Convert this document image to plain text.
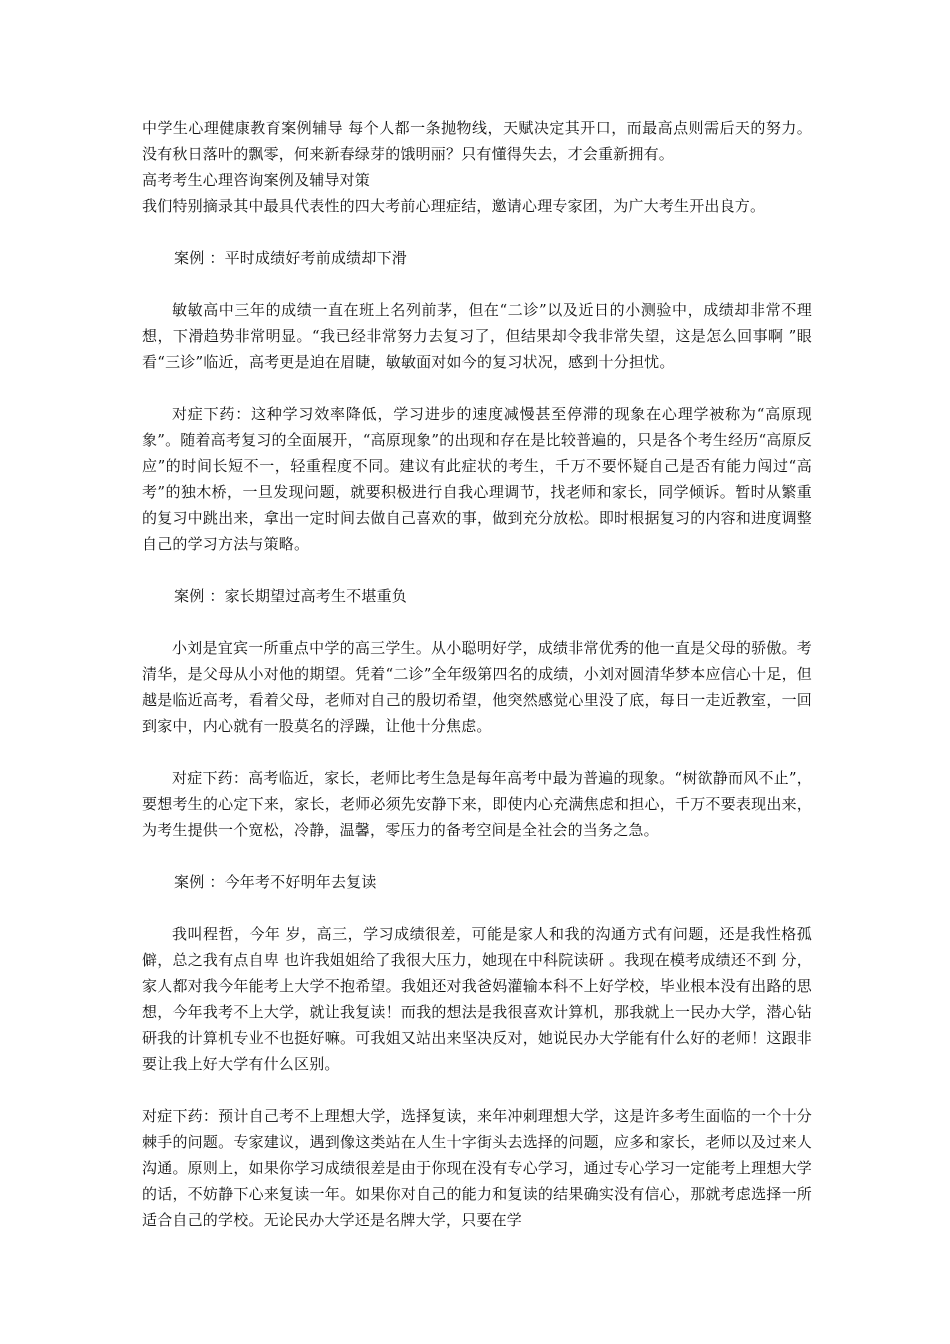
中学生心理健康教育案例辅导 每个人都一条抛物线，天赋决定其开口，而最高点则需后天的努力。没有秋日落叶的飘零，何来新春绿芽的饿明丽？只有懂得失去，才会重新拥有。

高考考生心理咨询案例及辅导对策

我们特别摘录其中最具代表性的四大考前心理症结，邀请心理专家团，为广大考生开出良方。

案例 ：平时成绩好考前成绩却下滑

敏敏高中三年的成绩一直在班上名列前茅，但在“二诊”以及近日的小测验中，成绩却非常不理想，下滑趋势非常明显。“我已经非常努力去复习了，但结果却令我非常失望，这是怎么回事啊 ”眼看“三诊”临近，高考更是迫在眉睫，敏敏面对如今的复习状况，感到十分担忧。

对症下药：这种学习效率降低，学习进步的速度减慢甚至停滞的现象在心理学被称为“高原现象”。随着高考复习的全面展开，“高原现象”的出现和存在是比较普遍的，只是各个考生经历“高原反应”的时间长短不一，轻重程度不同。建议有此症状的考生，千万不要怀疑自己是否有能力闯过“高考”的独木桥，一旦发现问题，就要积极进行自我心理调节，找老师和家长，同学倾诉。暂时从繁重的复习中跳出来，拿出一定时间去做自己喜欢的事，做到充分放松。即时根据复习的内容和进度调整自己的学习方法与策略。

案例 ：家长期望过高考生不堪重负

小刘是宜宾一所重点中学的高三学生。从小聪明好学，成绩非常优秀的他一直是父母的骄傲。考清华，是父母从小对他的期望。凭着“二诊”全年级第四名的成绩，小刘对圆清华梦本应信心十足，但越是临近高考，看着父母，老师对自己的殷切希望，他突然感觉心里没了底，每日一走近教室，一回到家中，内心就有一股莫名的浮躁，让他十分焦虑。

对症下药：高考临近，家长，老师比考生急是每年高考中最为普遍的现象。“树欲静而风不止”，要想考生的心定下来，家长，老师必须先安静下来，即使内心充满焦虑和担心，千万不要表现出来，为考生提供一个宽松，冷静，温馨，零压力的备考空间是全社会的当务之急。

案例 ：今年考不好明年去复读

我叫程哲，今年 岁，高三，学习成绩很差，可能是家人和我的沟通方式有问题，还是我性格孤僻，总之我有点自卑 也许我姐姐给了我很大压力，她现在中科院读研 。我现在模考成绩还不到 分，家人都对我今年能考上大学不抱希望。我姐还对我爸妈灌输本科不上好学校，毕业根本没有出路的思想，今年我考不上大学，就让我复读！而我的想法是我很喜欢计算机，那我就上一民办大学，潜心钻研我的计算机专业不也挺好嘛。可我姐又站出来坚决反对，她说民办大学能有什么好的老师！这跟非要让我上好大学有什么区别。

对症下药：预计自己考不上理想大学，选择复读，来年冲刺理想大学，这是许多考生面临的一个十分棘手的问题。专家建议，遇到像这类站在人生十字街头去选择的问题，应多和家长，老师以及过来人沟通。原则上，如果你学习成绩很差是由于你现在没有专心学习，通过专心学习一定能考上理想大学的话，不妨静下心来复读一年。如果你对自己的能力和复读的结果确实没有信心，那就考虑选择一所适合自己的学校。无论民办大学还是名牌大学，只要在学
